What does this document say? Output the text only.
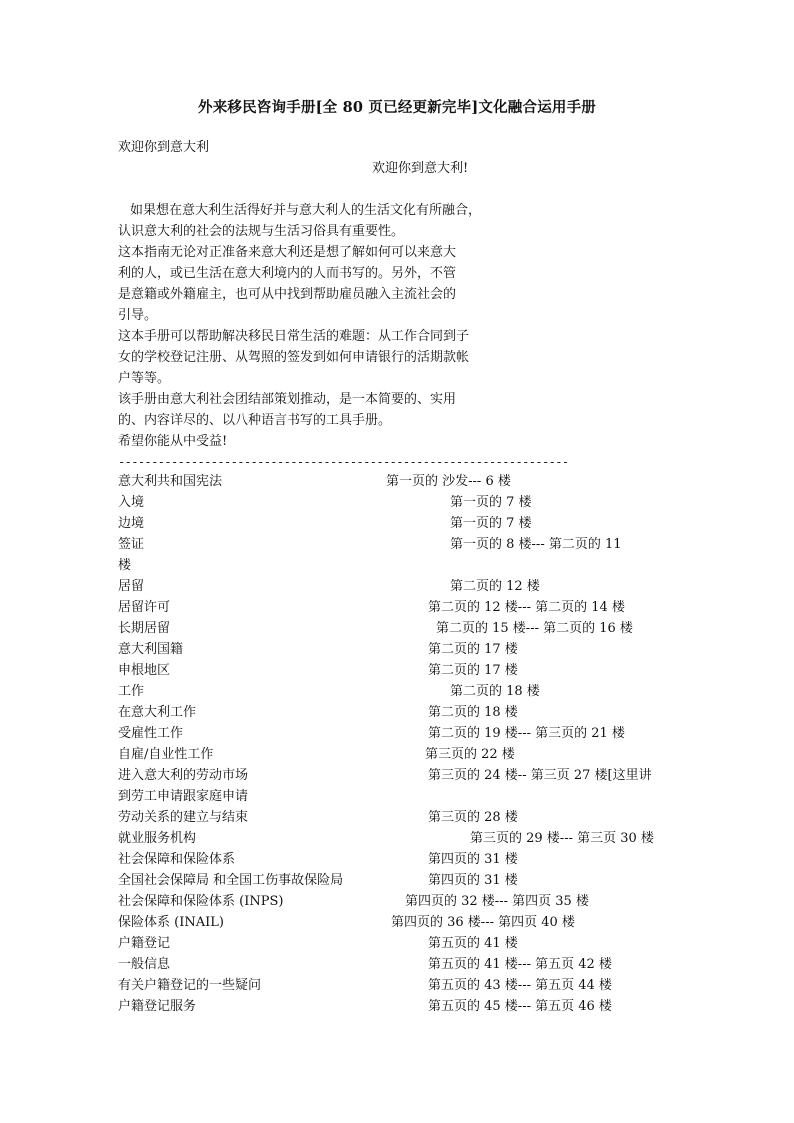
外来移民咨询手册[全 80 页已经更新完毕]文化融合运用手册
欢迎你到意大利
欢迎你到意大利!
如果想在意大利生活得好并与意大利人的生活文化有所融合，
认识意大利的社会的法规与生活习俗具有重要性。
这本指南无论对正准备来意大利还是想了解如何可以来意大
利的人，或已生活在意大利境内的人而书写的。另外，不管
是意籍或外籍雇主，也可从中找到帮助雇员融入主流社会的
引导。
这本手册可以帮助解决移民日常生活的难题：从工作合同到子
女的学校登记注册、从驾照的签发到如何申请银行的活期款帐
户等等。
该手册由意大利社会团结部策划推动，是一本简要的、实用
的、内容详尽的、以八种语言书写的工具手册。
希望你能从中受益!
--------------------------------------------------------------------
意大利共和国宪法	第一页的 沙发--- 6 楼
入境	第一页的 7 楼
边境	第一页的 7 楼
签证	第一页的 8 楼--- 第二页的 11
楼
居留	第二页的 12 楼
居留许可	第二页的 12 楼--- 第二页的 14 楼
长期居留	第二页的 15 楼--- 第二页的 16 楼
意大利国籍	第二页的 17 楼
申根地区	第二页的 17 楼
工作	第二页的 18 楼
在意大利工作	第二页的 18 楼
受雇性工作	第二页的 19 楼--- 第三页的 21 楼
自雇/自业性工作	第三页的 22 楼
进入意大利的劳动市场	第三页的 24 楼-- 第三页 27 楼[这里讲
到劳工申请跟家庭申请
劳动关系的建立与结束	第三页的 28 楼
就业服务机构	第三页的 29 楼--- 第三页 30 楼
社会保障和保险体系	第四页的 31 楼
全国社会保障局 和全国工伤事故保险局	第四页的 31 楼
社会保障和保险体系 (INPS)	第四页的 32 楼--- 第四页 35 楼
保险体系 (INAIL)	第四页的 36 楼--- 第四页 40 楼
户籍登记	第五页的 41 楼
一般信息	第五页的 41 楼--- 第五页 42 楼
有关户籍登记的一些疑问	第五页的 43 楼--- 第五页 44 楼
户籍登记服务	第五页的 45 楼--- 第五页 46 楼
